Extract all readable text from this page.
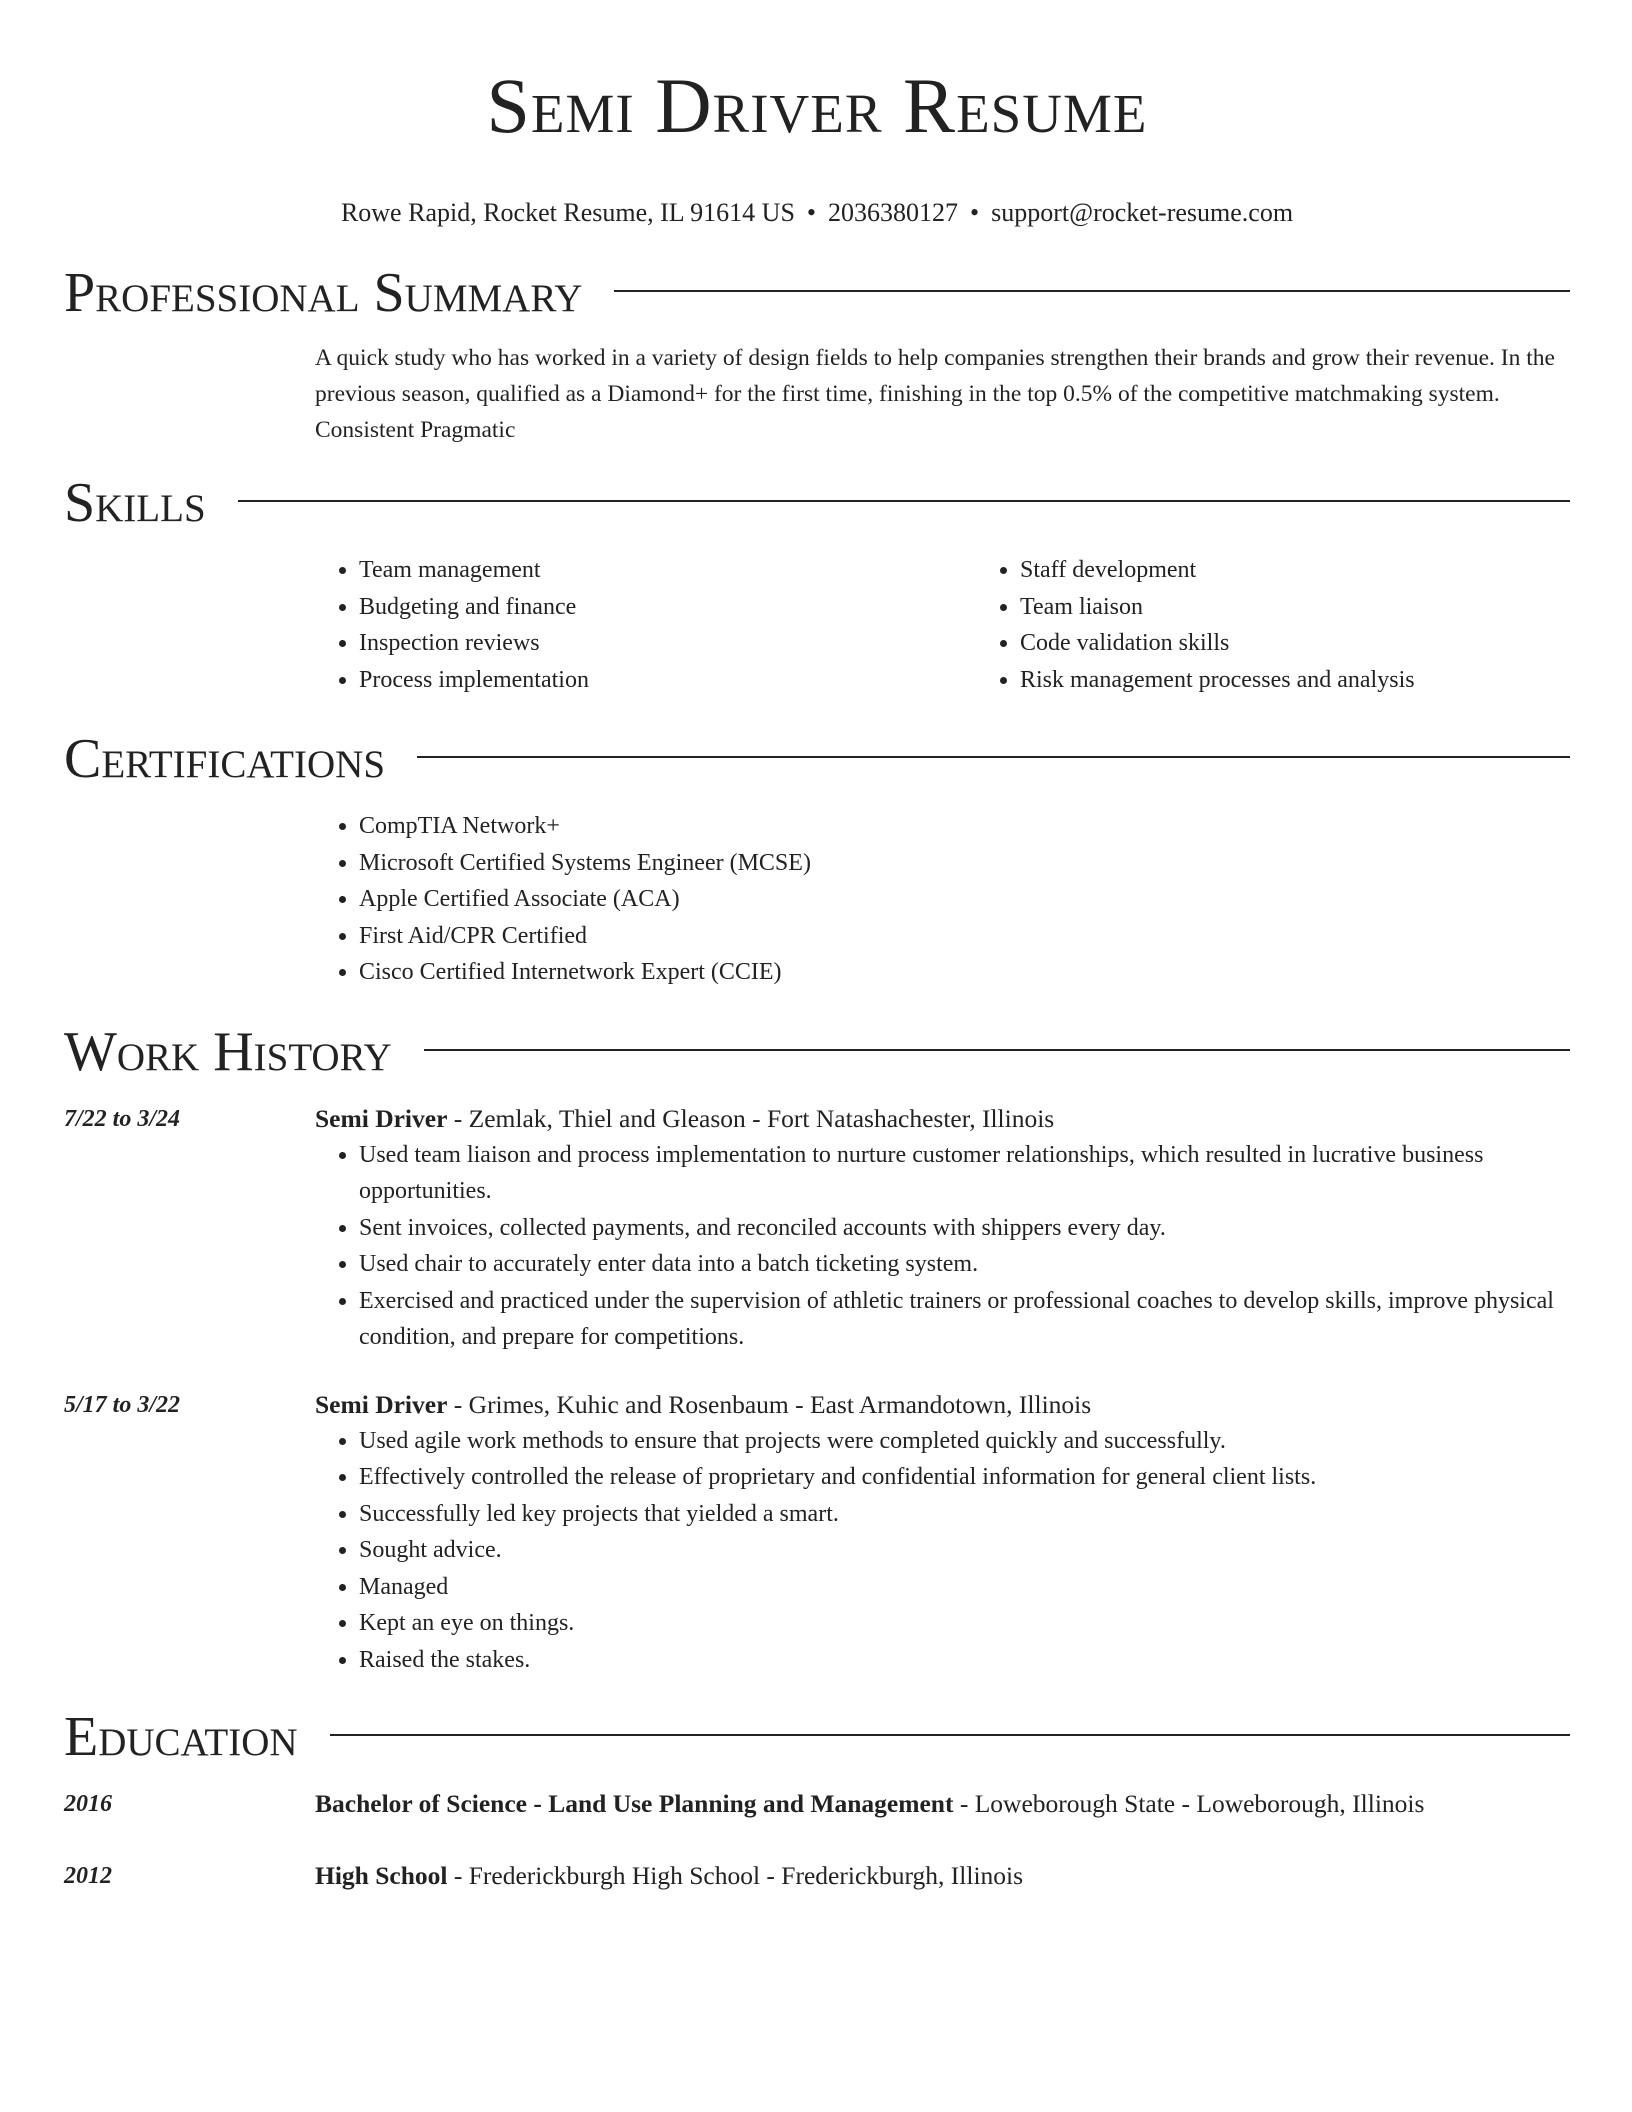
Semi Driver Resume
Rowe Rapid, Rocket Resume, IL 91614 US • 2036380127 • support@rocket-resume.com
Professional Summary
A quick study who has worked in a variety of design fields to help companies strengthen their brands and grow their revenue. In the previous season, qualified as a Diamond+ for the first time, finishing in the top 0.5% of the competitive matchmaking system. Consistent Pragmatic
Skills
• Team management
• Budgeting and finance
• Inspection reviews
• Process implementation
• Staff development
• Team liaison
• Code validation skills
• Risk management processes and analysis
Certifications
• CompTIA Network+
• Microsoft Certified Systems Engineer (MCSE)
• Apple Certified Associate (ACA)
• First Aid/CPR Certified
• Cisco Certified Internetwork Expert (CCIE)
Work History
7/22 to 3/24	Semi Driver - Zemlak, Thiel and Gleason - Fort Natashachester, Illinois
• Used team liaison and process implementation to nurture customer relationships, which resulted in lucrative business opportunities.
• Sent invoices, collected payments, and reconciled accounts with shippers every day.
• Used chair to accurately enter data into a batch ticketing system.
• Exercised and practiced under the supervision of athletic trainers or professional coaches to develop skills, improve physical condition, and prepare for competitions.
5/17 to 3/22	Semi Driver - Grimes, Kuhic and Rosenbaum - East Armandotown, Illinois
• Used agile work methods to ensure that projects were completed quickly and successfully.
• Effectively controlled the release of proprietary and confidential information for general client lists.
• Successfully led key projects that yielded a smart.
• Sought advice.
• Managed
• Kept an eye on things.
• Raised the stakes.
Education
2016	Bachelor of Science - Land Use Planning and Management - Loweborough State - Loweborough, Illinois
2012	High School - Frederickburgh High School - Frederickburgh, Illinois
